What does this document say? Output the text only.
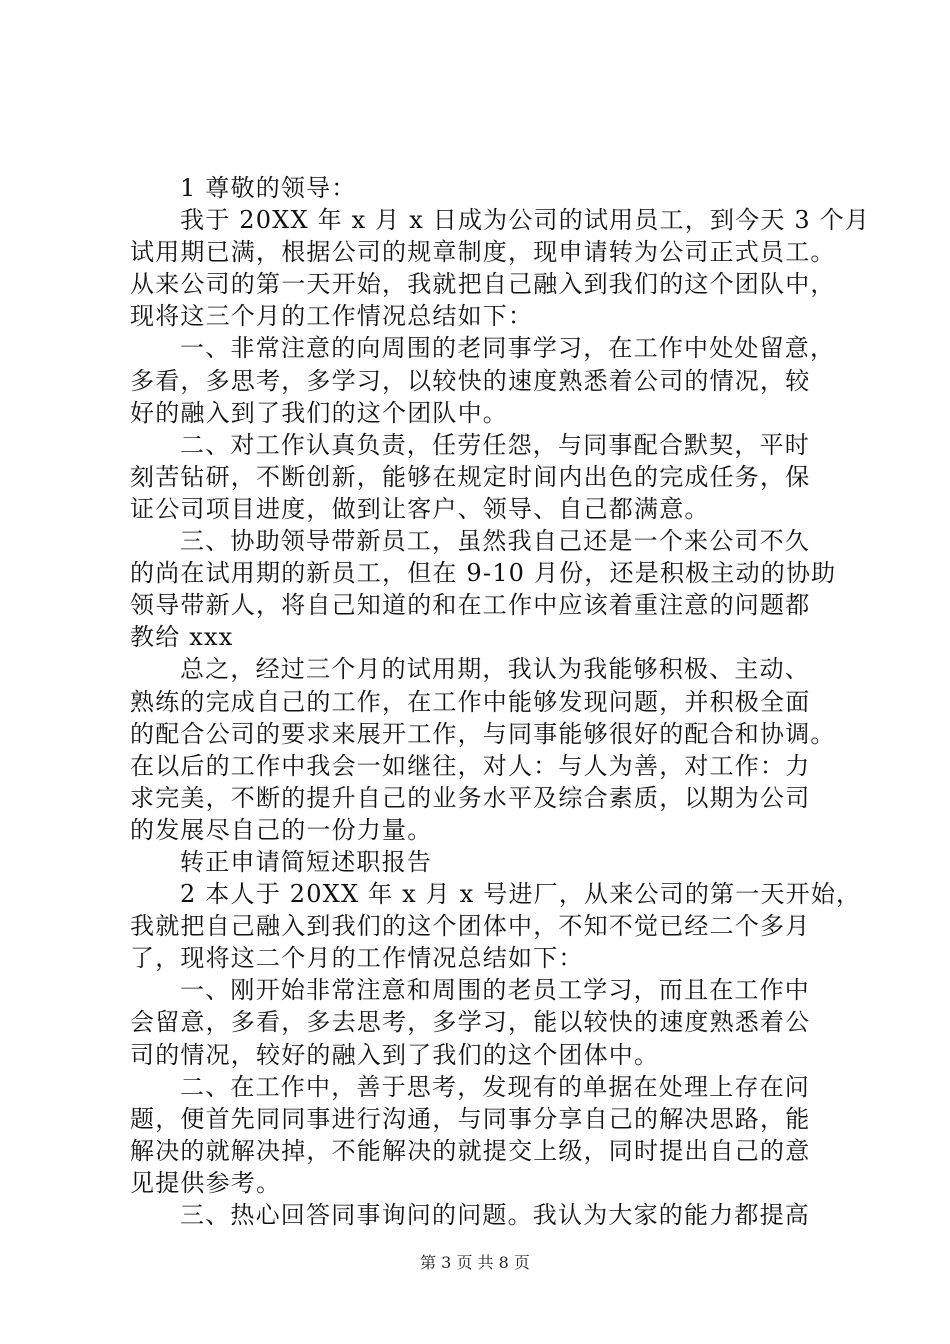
1 尊敬的领导：
我于 20XX 年 x 月 x 日成为公司的试用员工，到今天 3 个月
试用期已满，根据公司的规章制度，现申请转为公司正式员工。
从来公司的第一天开始，我就把自己融入到我们的这个团队中，
现将这三个月的工作情况总结如下：
一、非常注意的向周围的老同事学习，在工作中处处留意，
多看，多思考，多学习，以较快的速度熟悉着公司的情况，较
好的融入到了我们的这个团队中。
二、对工作认真负责，任劳任怨，与同事配合默契，平时
刻苦钻研，不断创新，能够在规定时间内出色的完成任务，保
证公司项目进度，做到让客户、领导、自己都满意。
三、协助领导带新员工，虽然我自己还是一个来公司不久
的尚在试用期的新员工，但在 9-10 月份，还是积极主动的协助
领导带新人，将自己知道的和在工作中应该着重注意的问题都
教给 xxx
总之，经过三个月的试用期，我认为我能够积极、主动、
熟练的完成自己的工作，在工作中能够发现问题，并积极全面
的配合公司的要求来展开工作，与同事能够很好的配合和协调。
在以后的工作中我会一如继往，对人：与人为善，对工作：力
求完美，不断的提升自己的业务水平及综合素质，以期为公司
的发展尽自己的一份力量。
转正申请简短述职报告
2 本人于 20XX 年 x 月 x 号进厂，从来公司的第一天开始，
我就把自己融入到我们的这个团体中，不知不觉已经二个多月
了，现将这二个月的工作情况总结如下：
一、刚开始非常注意和周围的老员工学习，而且在工作中
会留意，多看，多去思考，多学习，能以较快的速度熟悉着公
司的情况，较好的融入到了我们的这个团体中。
二、在工作中，善于思考，发现有的单据在处理上存在问
题，便首先同同事进行沟通，与同事分享自己的解决思路，能
解决的就解决掉，不能解决的就提交上级，同时提出自己的意
见提供参考。
三、热心回答同事询问的问题。我认为大家的能力都提高
第 3 页 共 8 页
